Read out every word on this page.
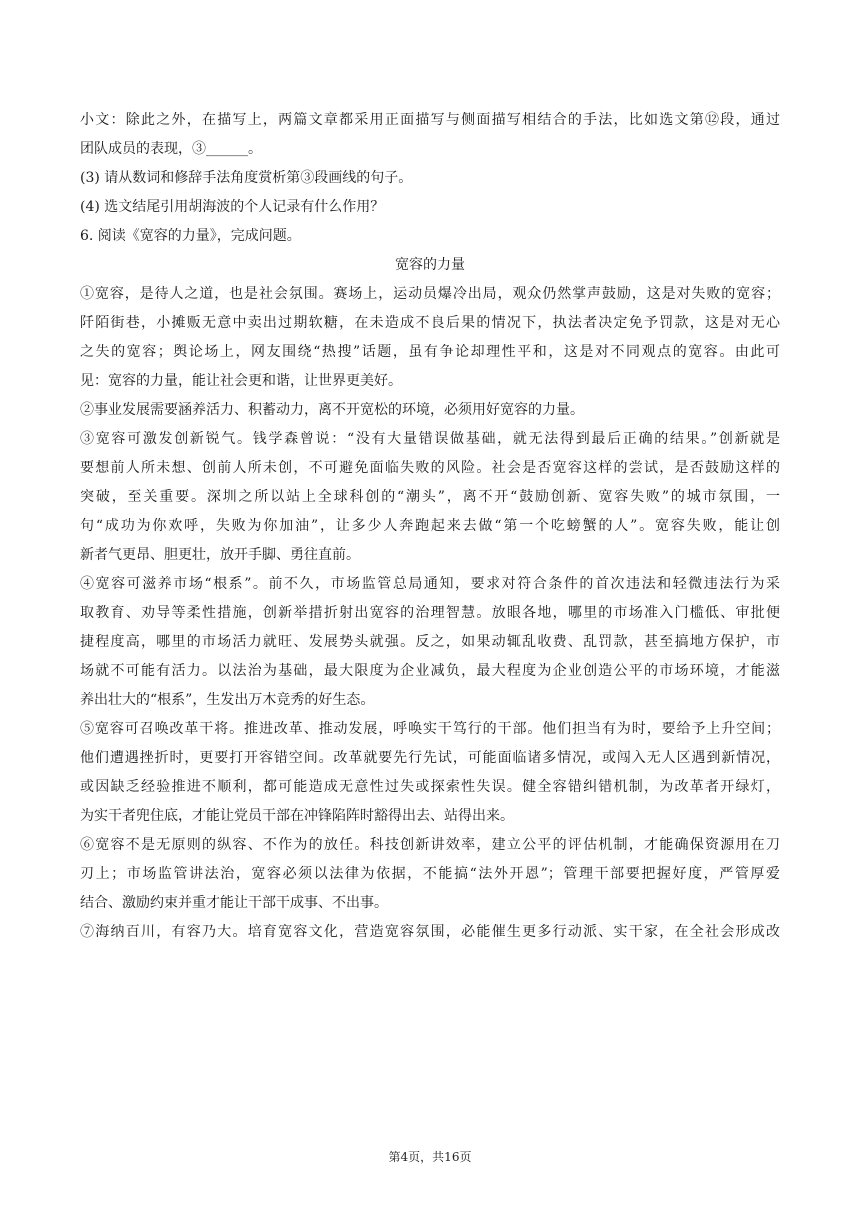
小文：除此之外，在描写上，两篇文章都采用正面描写与侧面描写相结合的手法，比如选文第⑫段，通过
团队成员的表现，③______。
(3) 请从数词和修辞手法角度赏析第③段画线的句子。
(4) 选文结尾引用胡海波的个人记录有什么作用？
6. 阅读《宽容的力量》，完成问题。
宽容的力量
①宽容，是待人之道，也是社会氛围。赛场上，运动员爆冷出局，观众仍然掌声鼓励，这是对失败的宽容；
阡陌街巷，小摊贩无意中卖出过期软糖，在未造成不良后果的情况下，执法者决定免予罚款，这是对无心
之失的宽容；舆论场上，网友围绕“热搜”话题，虽有争论却理性平和，这是对不同观点的宽容。由此可
见：宽容的力量，能让社会更和谐，让世界更美好。
②事业发展需要涵养活力、积蓄动力，离不开宽松的环境，必须用好宽容的力量。
③宽容可激发创新锐气。钱学森曾说：“没有大量错误做基础，就无法得到最后正确的结果。”创新就是
要想前人所未想、创前人所未创，不可避免面临失败的风险。社会是否宽容这样的尝试，是否鼓励这样的
突破，至关重要。深圳之所以站上全球科创的“潮头”，离不开“鼓励创新、宽容失败”的城市氛围，一
句“成功为你欢呼，失败为你加油”，让多少人奔跑起来去做“第一个吃螃蟹的人”。宽容失败，能让创
新者气更昂、胆更壮，放开手脚、勇往直前。
④宽容可滋养市场“根系”。前不久，市场监管总局通知，要求对符合条件的首次违法和轻微违法行为采
取教育、劝导等柔性措施，创新举措折射出宽容的治理智慧。放眼各地，哪里的市场准入门槛低、审批便
捷程度高，哪里的市场活力就旺、发展势头就强。反之，如果动辄乱收费、乱罚款，甚至搞地方保护，市
场就不可能有活力。以法治为基础，最大限度为企业减负，最大程度为企业创造公平的市场环境，才能滋
养出壮大的“根系”，生发出万木竞秀的好生态。
⑤宽容可召唤改革干将。推进改革、推动发展，呼唤实干笃行的干部。他们担当有为时，要给予上升空间；
他们遭遇挫折时，更要打开容错空间。改革就要先行先试，可能面临诸多情况，或闯入无人区遇到新情况，
或因缺乏经验推进不顺利，都可能造成无意性过失或探索性失误。健全容错纠错机制，为改革者开绿灯，
为实干者兜住底，才能让党员干部在冲锋陷阵时豁得出去、站得出来。
⑥宽容不是无原则的纵容、不作为的放任。科技创新讲效率，建立公平的评估机制，才能确保资源用在刀
刃上；市场监管讲法治，宽容必须以法律为依据，不能搞“法外开恩”；管理干部要把握好度，严管厚爱
结合、激励约束并重才能让干部干成事、不出事。
⑦海纳百川，有容乃大。培育宽容文化，营造宽容氛围，必能催生更多行动派、实干家，在全社会形成改
第4页，共16页
